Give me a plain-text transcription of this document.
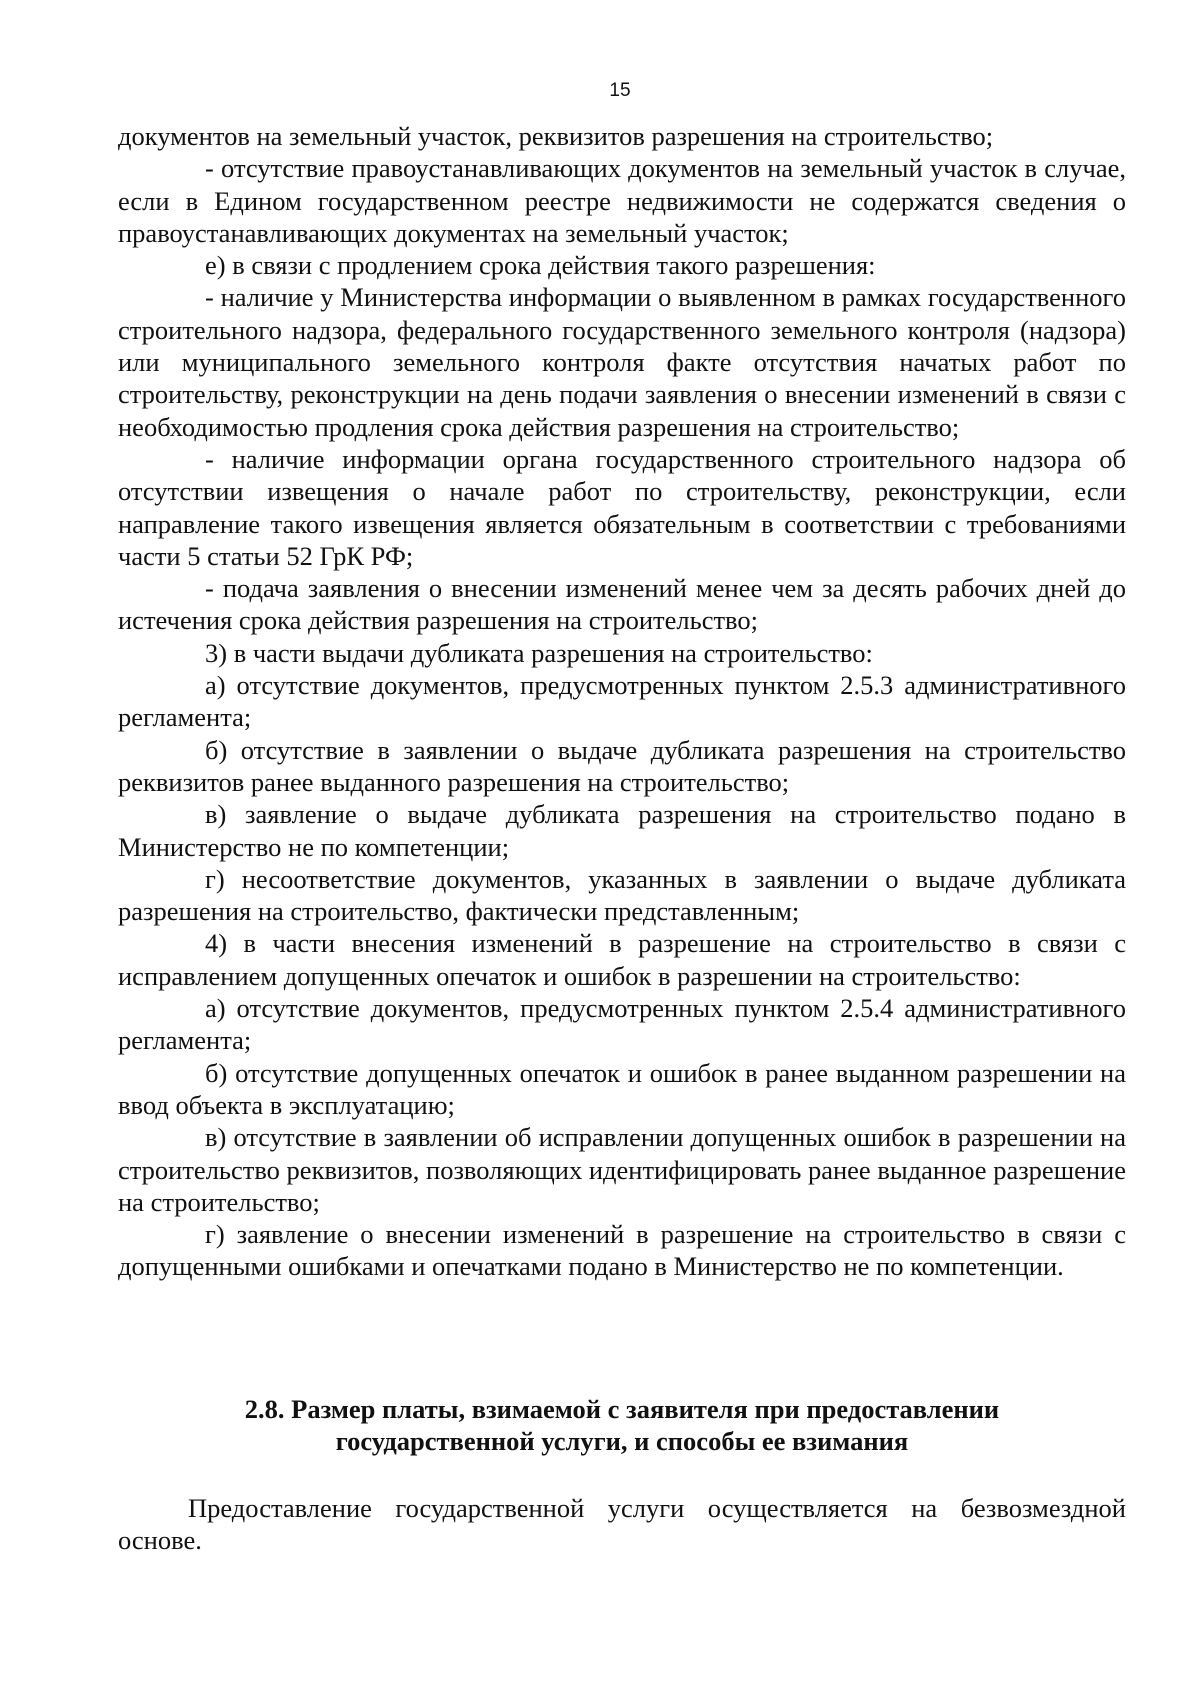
15

документов на земельный участок, реквизитов разрешения на строительство;

- отсутствие правоустанавливающих документов на земельный участок в случае, если в Едином государственном реестре недвижимости не содержатся сведения о правоустанавливающих документах на земельный участок;

е) в связи с продлением срока действия такого разрешения:

- наличие у Министерства информации о выявленном в рамках государственного строительного надзора, федерального государственного земельного контроля (надзора) или муниципального земельного контроля факте отсутствия начатых работ по строительству, реконструкции на день подачи заявления о внесении изменений в связи с необходимостью продления срока действия разрешения на строительство;

- наличие информации органа государственного строительного надзора об отсутствии извещения о начале работ по строительству, реконструкции, если направление такого извещения является обязательным в соответствии с требованиями части 5 статьи 52 ГрК РФ;

- подача заявления о внесении изменений менее чем за десять рабочих дней до истечения срока действия разрешения на строительство;

3) в части выдачи дубликата разрешения на строительство:

а) отсутствие документов, предусмотренных пунктом 2.5.3 административного регламента;

б) отсутствие в заявлении о выдаче дубликата разрешения на строительство реквизитов ранее выданного разрешения на строительство;

в) заявление о выдаче дубликата разрешения на строительство подано в Министерство не по компетенции;

г) несоответствие документов, указанных в заявлении о выдаче дубликата разрешения на строительство, фактически представленным;

4) в части внесения изменений в разрешение на строительство в связи с исправлением допущенных опечаток и ошибок в разрешении на строительство:

а) отсутствие документов, предусмотренных пунктом 2.5.4 административного регламента;

б) отсутствие допущенных опечаток и ошибок в ранее выданном разрешении на ввод объекта в эксплуатацию;

в) отсутствие в заявлении об исправлении допущенных ошибок в разрешении на строительство реквизитов, позволяющих идентифицировать ранее выданное разрешение на строительство;

г) заявление о внесении изменений в разрешение на строительство в связи с допущенными ошибками и опечатками подано в Министерство не по компетенции.

2.8. Размер платы, взимаемой с заявителя при предоставлении
государственной услуги, и способы ее взимания

Предоставление государственной услуги осуществляется на безвозмездной основе.
